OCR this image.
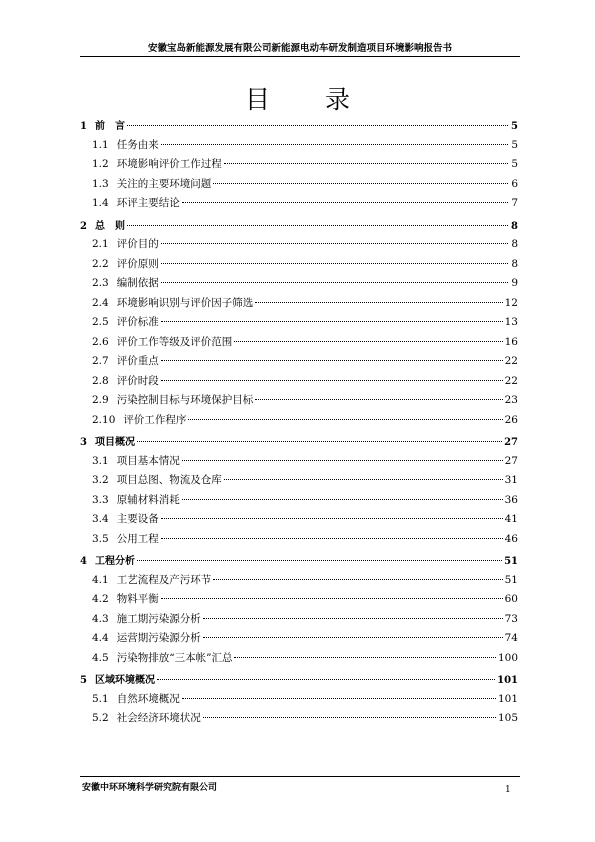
安徽宝岛新能源发展有限公司新能源电动车研发制造项目环境影响报告书
目录
1 前　言	5
1.1 任务由来	5
1.2 环境影响评价工作过程	5
1.3 关注的主要环境问题	6
1.4 环评主要结论	7
2 总　则	8
2.1 评价目的	8
2.2 评价原则	8
2.3 编制依据	9
2.4 环境影响识别与评价因子筛选	12
2.5 评价标准	13
2.6 评价工作等级及评价范围	16
2.7 评价重点	22
2.8 评价时段	22
2.9 污染控制目标与环境保护目标	23
2.10 评价工作程序	26
3 项目概况	27
3.1 项目基本情况	27
3.2 项目总图、物流及仓库	31
3.3 原辅材料消耗	36
3.4 主要设备	41
3.5 公用工程	46
4 工程分析	51
4.1 工艺流程及产污环节	51
4.2 物料平衡	60
4.3 施工期污染源分析	73
4.4 运营期污染源分析	74
4.5 污染物排放“三本帐”汇总	100
5 区域环境概况	101
5.1 自然环境概况	101
5.2 社会经济环境状况	105
安徽中环环境科学研究院有限公司	1
